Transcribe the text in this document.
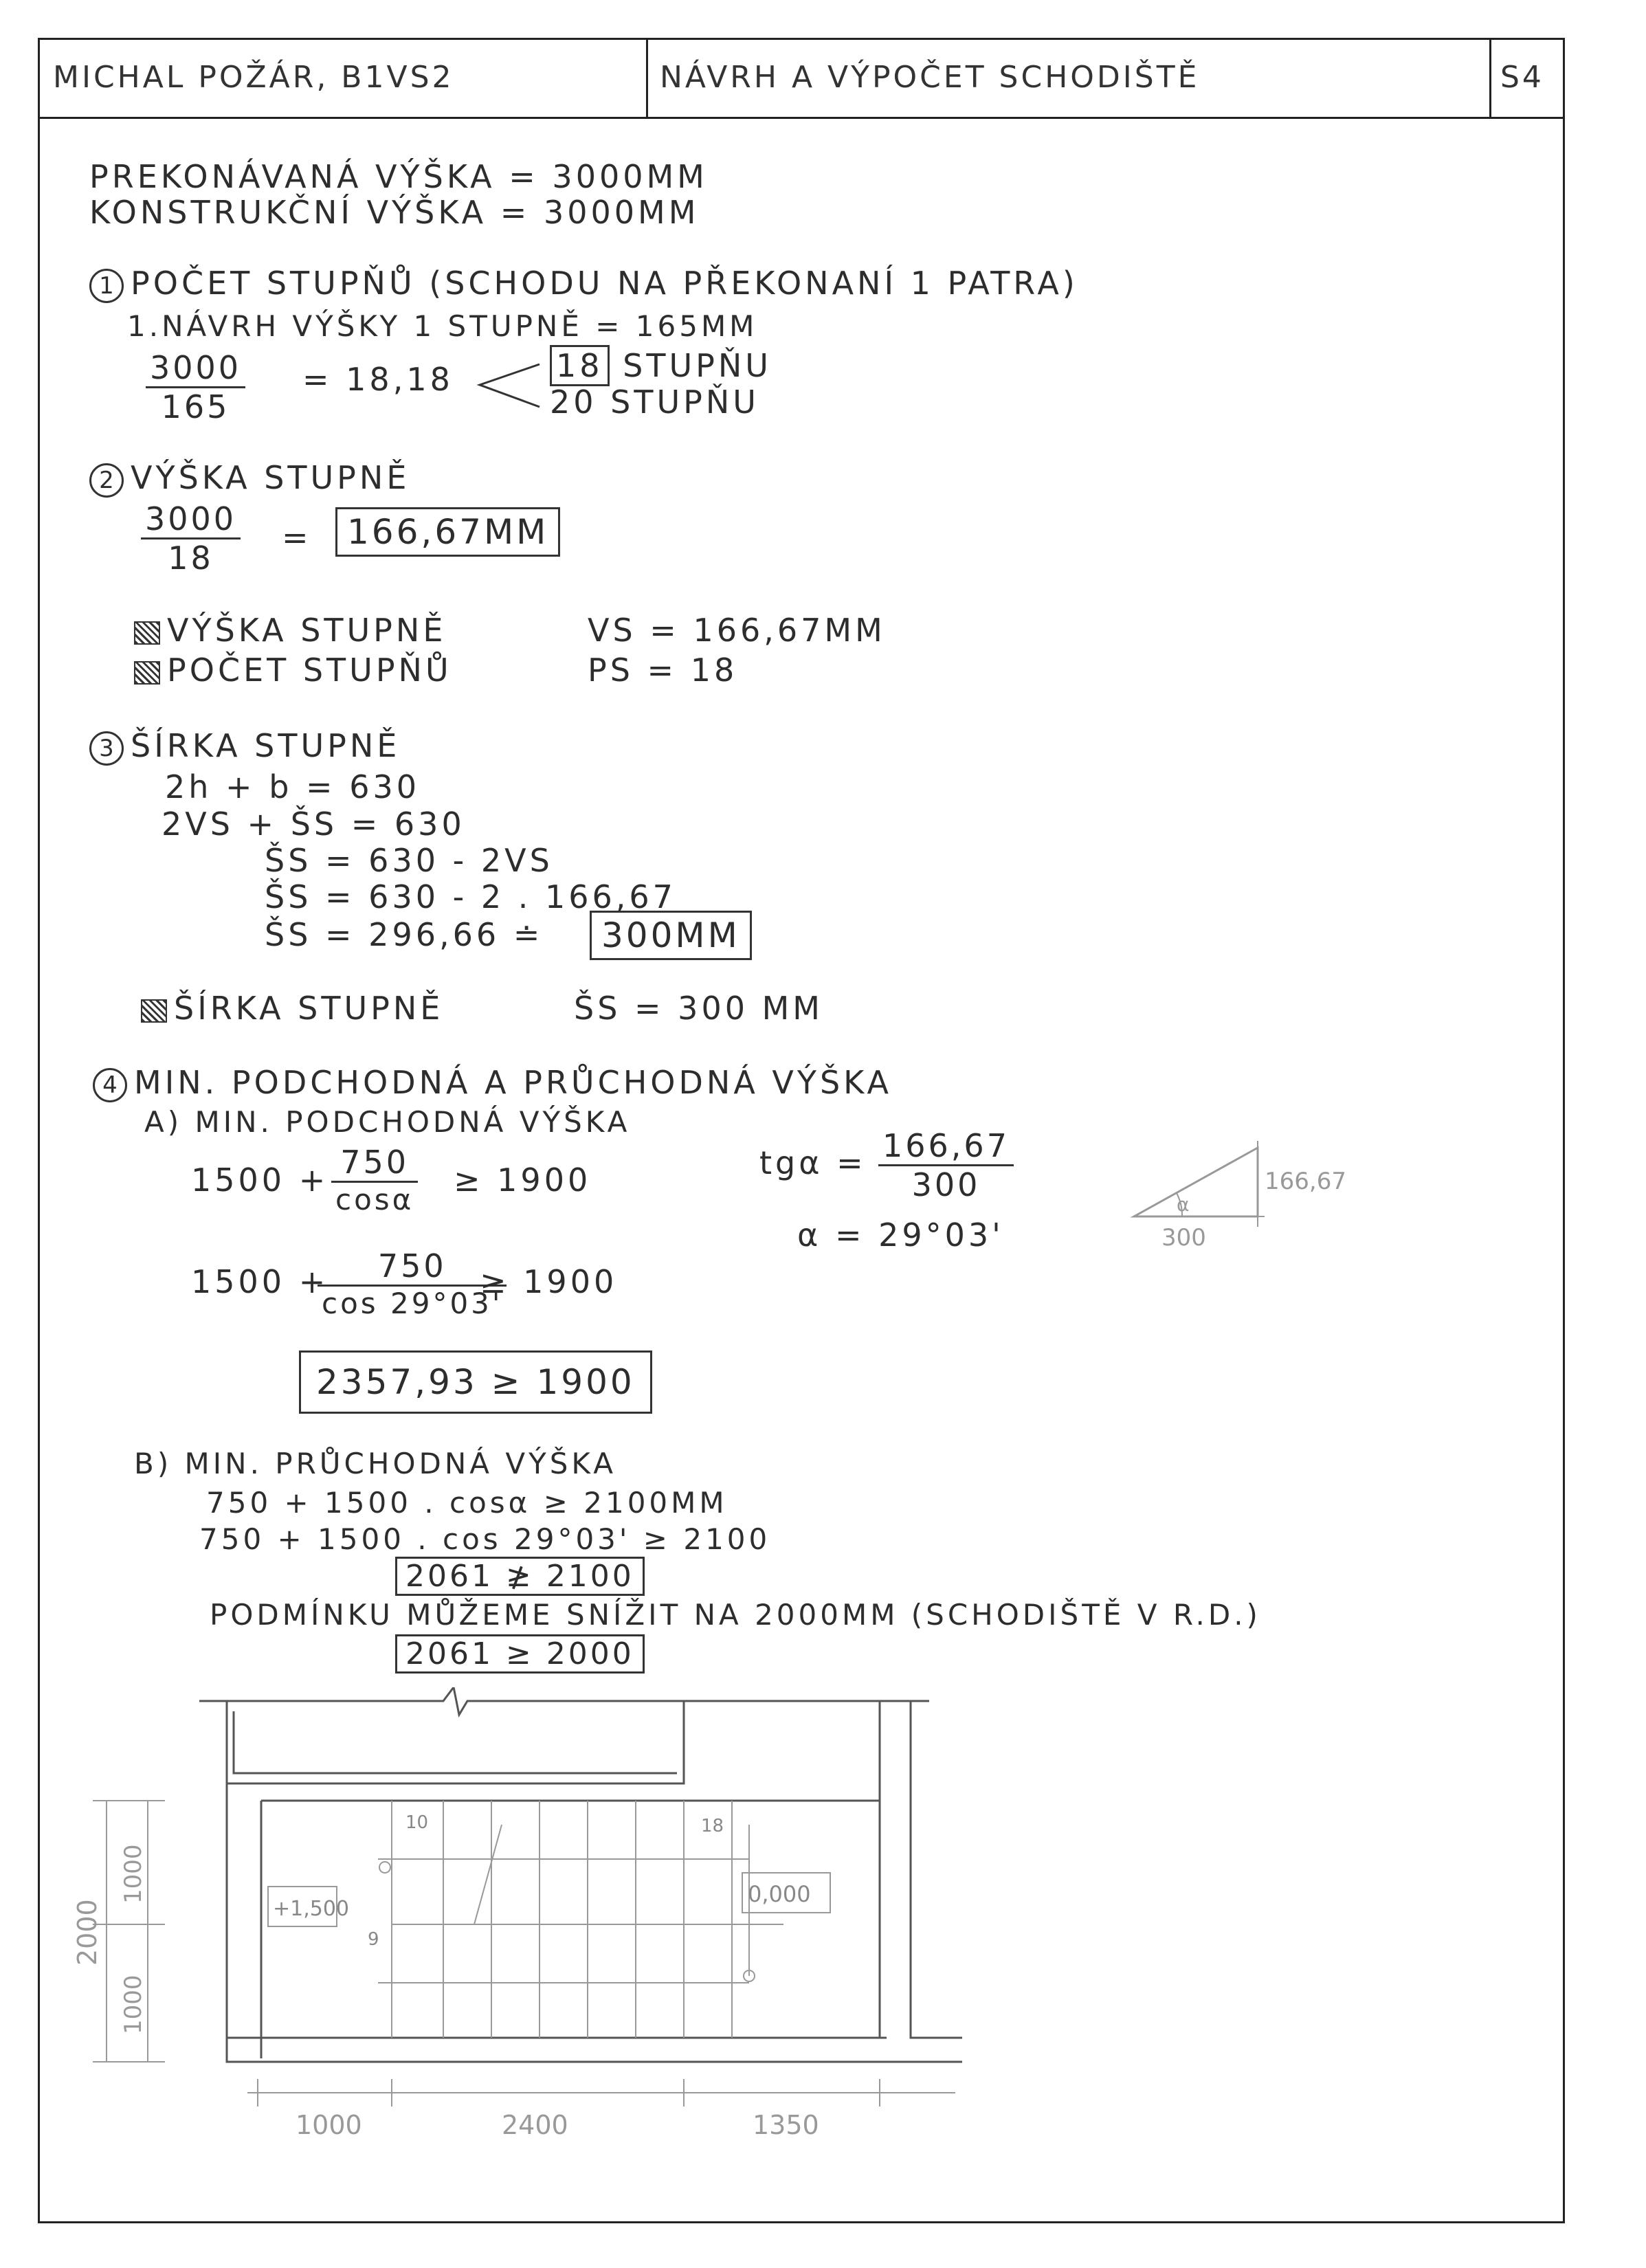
MICHAL POŽÁR, B1VS2	NÁVRH A VÝPOČET SCHODIŠTĚ	S4
PREKONÁVANÁ VÝŠKA = 3000MM
KONSTRUKČNÍ VÝŠKA = 3000MM
1 POČET STUPŇŮ (SCHODU NA PŘEKONANÍ 1 PATRA)
1.NÁVRH VÝŠKY 1 STUPNĚ = 165MM
$\frac{3000}{165} = 18,18$	18 STUPŇU
20 STUPŇU
2 VÝŠKA STUPNĚ
$\frac{3000}{18}$ =	166,67MM
VÝŠKA STUPNĚ	VS = 166,67MM
POČET STUPŇŮ	PS = 18
3 ŠÍRKA STUPNĚ
2h + b = 630
2VS + ŠS = 630
ŠS = 630 - 2VS
ŠS = 630 - 2 . 166,67
ŠS = 296,66 ≐	300MM
ŠÍRKA STUPNĚ	ŠS = 300 MM
4 MIN. PODCHODNÁ A PRŮCHODNÁ VÝŠKA
A) MIN. PODCHODNÁ VÝŠKA
$1500 + \frac{750}{\cos\alpha} \ge 1900$	$tg\alpha = \frac{166,67}{300}$
α = 29°03'
α
166,67
300
1500 +
$\frac{750}{\cos 29^\circ 03'}$
≥ 1900
2357,93 ≥ 1900
B) MIN. PRŮCHODNÁ VÝŠKA
750 + 1500 . cosα ≥ 2100MM
750 + 1500 . cos 29°03' ≥ 2100
2061 ≱ 2100
PODMÍNKU MŮŽEME SNÍŽIT NA 2000MM (SCHODIŠTĚ V R.D.)
2061 ≥ 2000
+1,500
0,000
10
9
18
1000	2400	1350
2000
1000
1000
